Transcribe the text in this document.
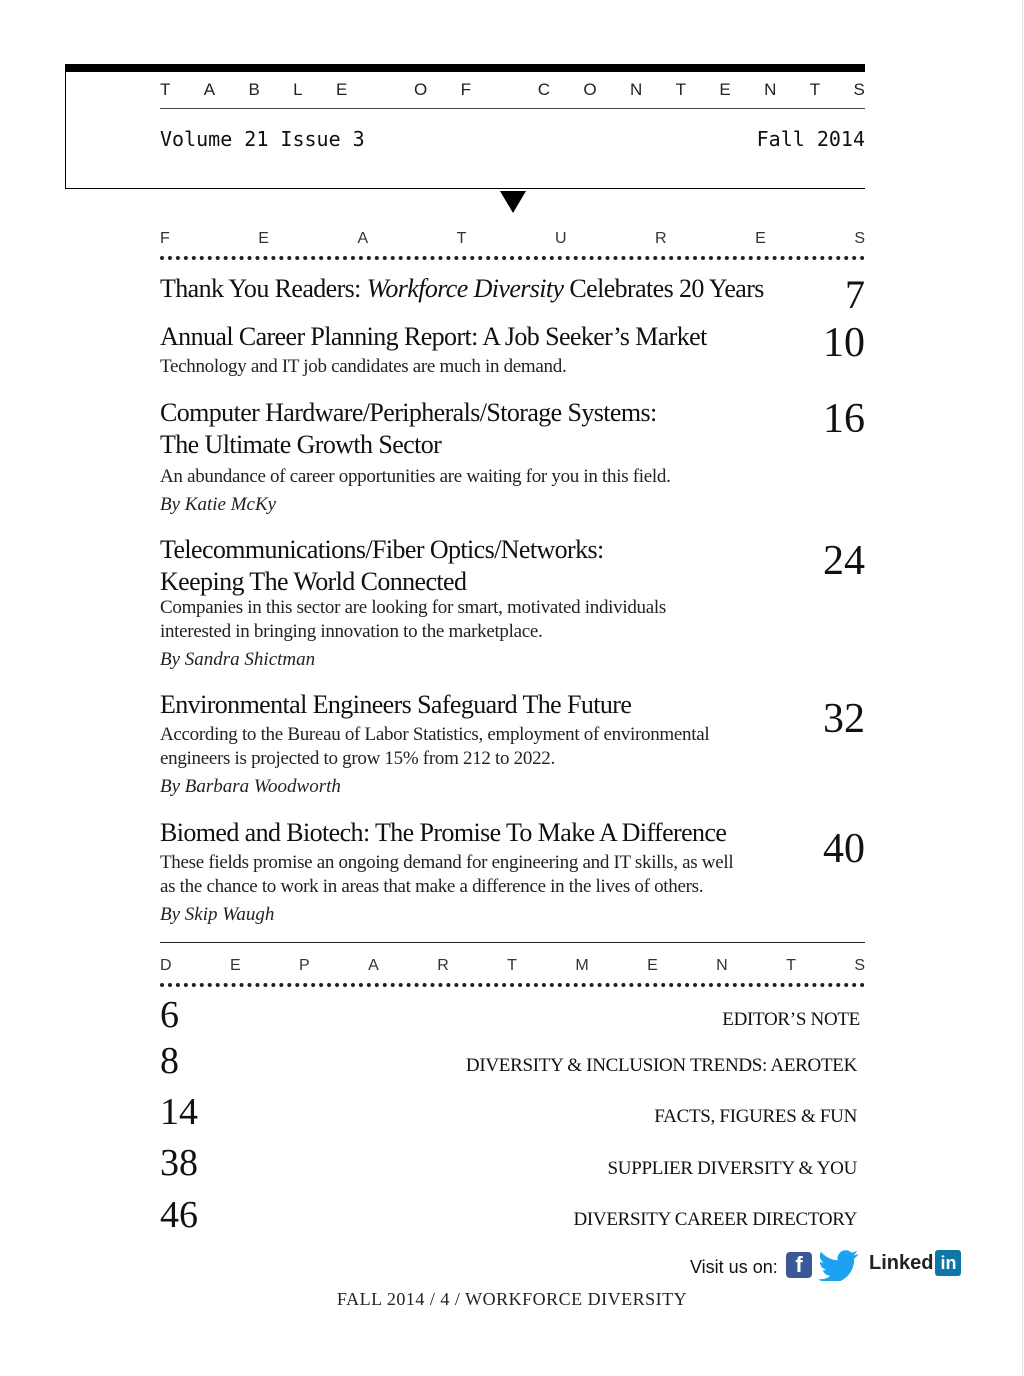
T A B L E	O F	C O N T E N T S
Volume 21 Issue 3	Fall 2014
F	E	A	T	U	R	E	S
Thank You Readers: Workforce Diversity Celebrates 20 Years	7
Annual Career Planning Report: A Job Seeker’s Market
Technology and IT job candidates are much in demand.
10
Computer Hardware/Peripherals/Storage Systems:
The Ultimate Growth Sector
An abundance of career opportunities are waiting for you in this field.
By Katie McKy
16
Telecommunications/Fiber Optics/Networks:
Keeping The World Connected
Companies in this sector are looking for smart, motivated individuals
interested in bringing innovation to the marketplace.
By Sandra Shictman
24
Environmental Engineers Safeguard The Future
According to the Bureau of Labor Statistics, employment of environmental
engineers is projected to grow 15% from 212 to 2022.
By Barbara Woodworth
32
Biomed and Biotech: The Promise To Make A Difference
These fields promise an ongoing demand for engineering and IT skills, as well
as the chance to work in areas that make a difference in the lives of others.
By Skip Waugh
40
D	E	P	A	R	T	M	E	N	T	S
6	EDITOR’S NOTE
8	DIVERSITY & INCLUSION TRENDS: AEROTEK
14	FACTS, FIGURES & FUN
38	SUPPLIER DIVERSITY & YOU
46	DIVERSITY CAREER DIRECTORY
Visit us on: f	Linked in
FALL 2014 / 4 / WORKFORCE DIVERSITY
